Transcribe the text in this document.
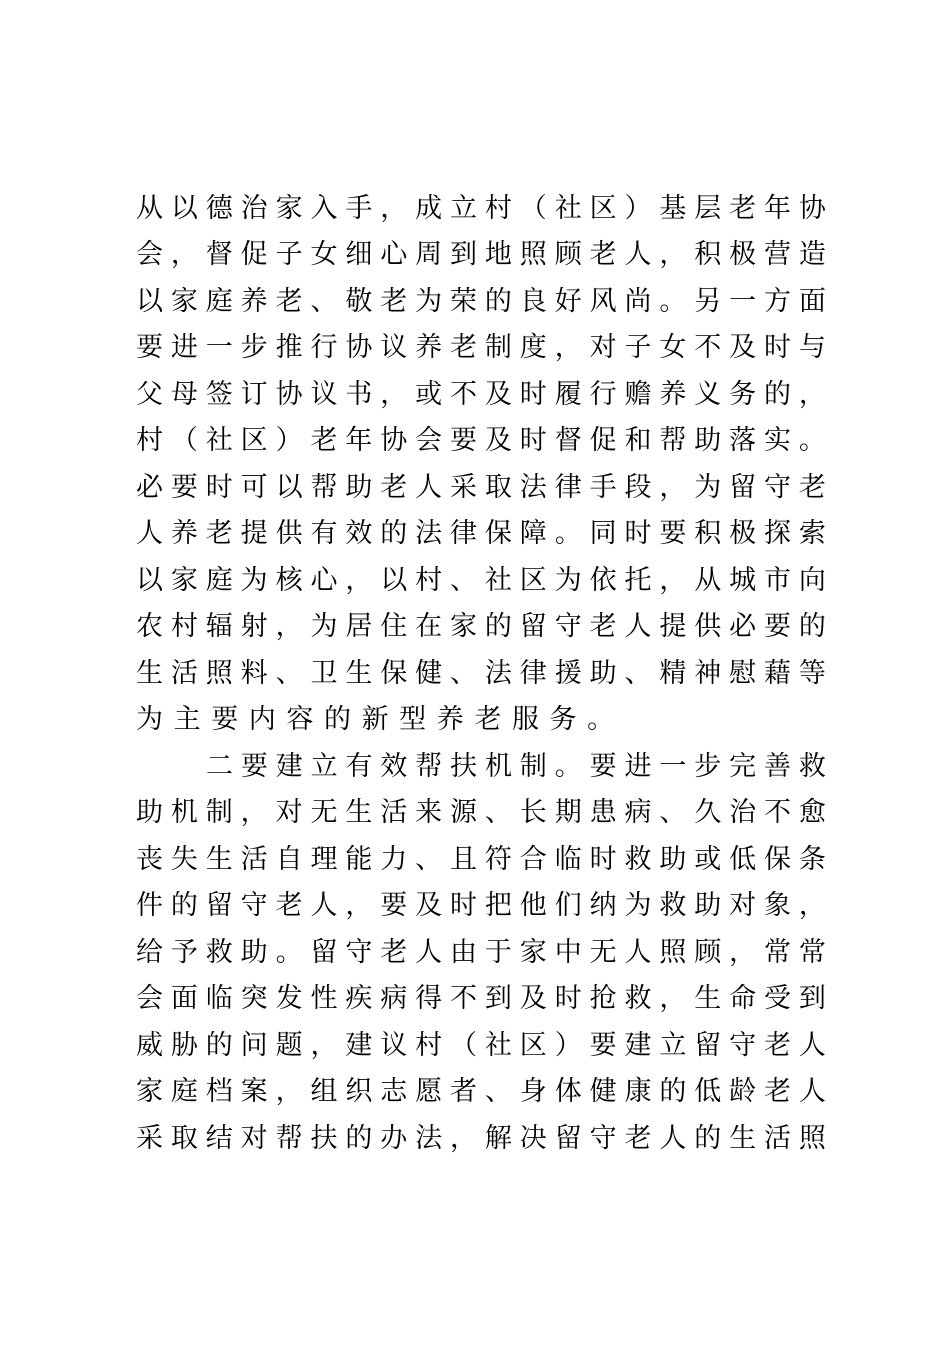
从 以 德 治 家 入 手 ， 成 立 村 （ 社 区 ） 基 层 老 年 协
会 ， 督 促 子 女 细 心 周 到 地 照 顾 老 人 ， 积 极 营 造
以 家 庭 养 老 、 敬 老 为 荣 的 良 好 风 尚 。 另 一 方 面
要 进 一 步 推 行 协 议 养 老 制 度 ， 对 子 女 不 及 时 与
父 母 签 订 协 议 书 ， 或 不 及 时 履 行 赡 养 义 务 的 ，
村 （ 社 区 ） 老 年 协 会 要 及 时 督 促 和 帮 助 落 实 。
必 要 时 可 以 帮 助 老 人 采 取 法 律 手 段 ， 为 留 守 老
人 养 老 提 供 有 效 的 法 律 保 障 。 同 时 要 积 极 探 索
以 家 庭 为 核 心 ， 以 村 、 社 区 为 依 托 ， 从 城 市 向
农 村 辐 射 ， 为 居 住 在 家 的 留 守 老 人 提 供 必 要 的
生 活 照 料 、 卫 生 保 健 、 法 律 援 助 、 精 神 慰 藉 等
为 主 要 内 容 的 新 型 养 老 服 务 。
二 要 建 立 有 效 帮 扶 机 制 。 要 进 一 步 完 善 救
助 机 制 ， 对 无 生 活 来 源 、 长 期 患 病 、 久 治 不 愈
丧 失 生 活 自 理 能 力 、 且 符 合 临 时 救 助 或 低 保 条
件 的 留 守 老 人 ， 要 及 时 把 他 们 纳 为 救 助 对 象 ，
给 予 救 助 。 留 守 老 人 由 于 家 中 无 人 照 顾 ， 常 常
会 面 临 突 发 性 疾 病 得 不 到 及 时 抢 救 ， 生 命 受 到
威 胁 的 问 题 ， 建 议 村 （ 社 区 ） 要 建 立 留 守 老 人
家 庭 档 案 ， 组 织 志 愿 者 、 身 体 健 康 的 低 龄 老 人
采 取 结 对 帮 扶 的 办 法 ， 解 决 留 守 老 人 的 生 活 照
